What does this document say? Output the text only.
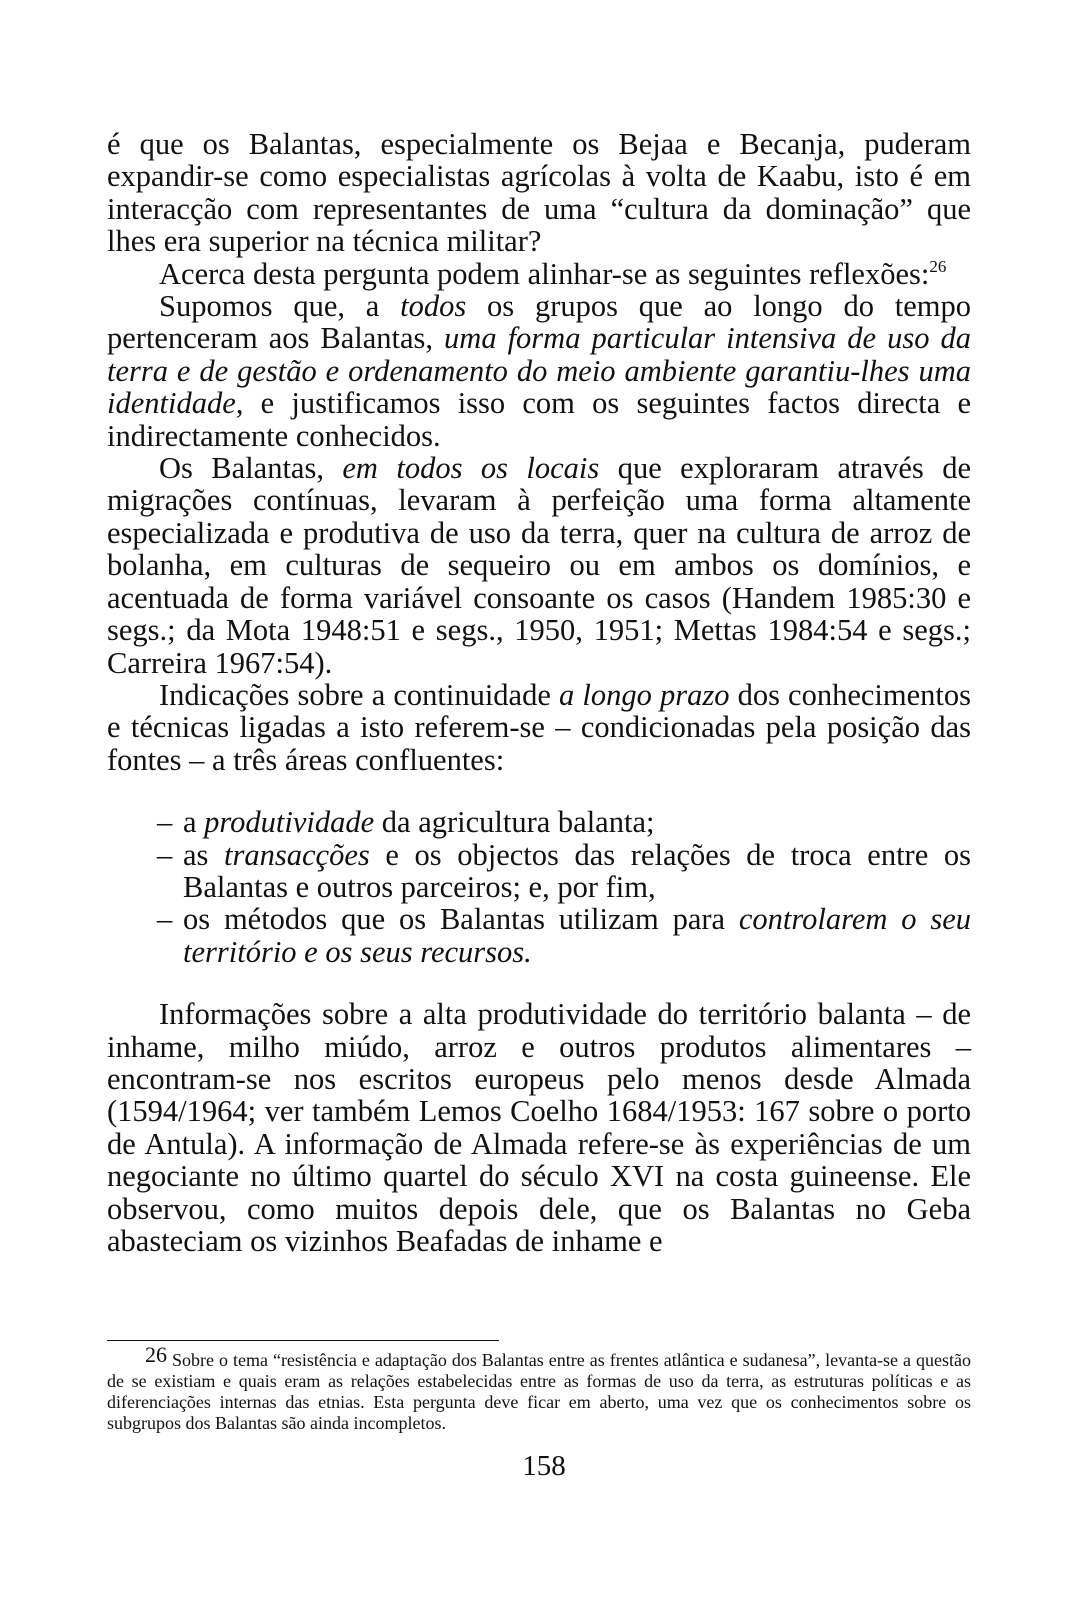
é que os Balantas, especialmente os Bejaa e Becanja, puderam expandir-se como especialistas agrícolas à volta de Kaabu, isto é em interacção com representantes de uma “cultura da dominação” que lhes era superior na técnica militar?

Acerca desta pergunta podem alinhar-se as seguintes reflexões:$^{26}$

Supomos que, a todos os grupos que ao longo do tempo pertenceram aos Balantas, uma forma particular intensiva de uso da terra e de gestão e ordenamento do meio ambiente garantiu-lhes uma identidade, e justificamos isso com os seguintes factos directa e indirectamente conhecidos.

Os Balantas, em todos os locais que exploraram através de migrações contínuas, levaram à perfeição uma forma altamente especializada e produtiva de uso da terra, quer na cultura de arroz de bolanha, em culturas de sequeiro ou em ambos os domínios, e acentuada de forma variável consoante os casos (Handem 1985:30 e segs.; da Mota 1948:51 e segs., 1950, 1951; Mettas 1984:54 e segs.; Carreira 1967:54).

Indicações sobre a continuidade a longo prazo dos conhecimentos e técnicas ligadas a isto referem-se – condicionadas pela posição das fontes – a três áreas confluentes:

– a produtividade da agricultura balanta;
– as transacções e os objectos das relações de troca entre os Balantas e outros parceiros; e, por fim,
– os métodos que os Balantas utilizam para controlarem o seu território e os seus recursos.

Informações sobre a alta produtividade do território balanta – de inhame, milho miúdo, arroz e outros produtos alimentares – encontram-se nos escritos europeus pelo menos desde Almada (1594/1964; ver também Lemos Coelho 1684/1953: 167 sobre o porto de Antula). A informação de Almada refere-se às experiências de um negociante no último quartel do século XVI na costa guineense. Ele observou, como muitos depois dele, que os Balantas no Geba abasteciam os vizinhos Beafadas de inhame e

26 Sobre o tema “resistência e adaptação dos Balantas entre as frentes atlântica e sudanesa”, levanta-se a questão de se existiam e quais eram as relações estabelecidas entre as formas de uso da terra, as estruturas políticas e as diferenciações internas das etnias. Esta pergunta deve ficar em aberto, uma vez que os conhecimentos sobre os subgrupos dos Balantas são ainda incompletos.

158
